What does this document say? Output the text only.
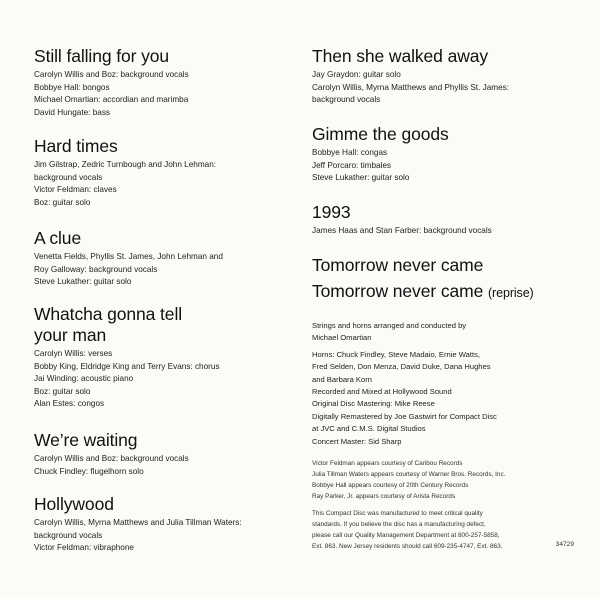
Still falling for you

Carolyn Willis and Boz: background vocals

Bobbye Hall: bongos

Michael Omartian: accordian and marimba

David Hungate: bass

Hard times

Jim Gilstrap, Zedric Turnbough and John Lehman:

background vocals

Victor Feldman: claves

Boz: guitar solo

A clue

Venetta Fields, Phyllis St. James, John Lehman and

Roy Galloway: background vocals

Steve Lukather: guitar solo

Whatcha gonna tell
your man

Carolyn Willis: verses

Bobby King, Eldridge King and Terry Evans: chorus

Jai Winding: acoustic piano

Boz: guitar solo

Alan Estes: congos

We’re waiting

Carolyn Willis and Boz: background vocals

Chuck Findley: flugelhorn solo

Hollywood

Carolyn Willis, Myrna Matthews and Julia Tillman Waters:

background vocals

Victor Feldman: vibraphone

Then she walked away

Jay Graydon: guitar solo

Carolyn Willis, Myrna Matthews and Phyllis St. James:

background vocals

Gimme the goods

Bobbye Hall: congas

Jeff Porcaro: timbales

Steve Lukather: guitar solo

1993

James Haas and Stan Farber: background vocals

Tomorrow never came
Tomorrow never came (reprise)

Strings and horns arranged and conducted by

Michael Omartian

Horns: Chuck Findley, Steve Madaio, Ernie Watts,

Fred Selden, Don Menza, David Duke, Dana Hughes

and Barbara Korn

Recorded and Mixed at Hollywood Sound

Original Disc Mastering: Mike Reese

Digitally Remastered by Joe Gastwirt for Compact Disc

at JVC and C.M.S. Digital Studios

Concert Master: Sid Sharp

Victor Feldman appears courtesy of Caribou Records

Julia Tillman Waters appears courtesy of Warner Bros. Records, Inc.

Bobbye Hall appears courtesy of 20th Century Records

Ray Parker, Jr. appears courtesy of Arista Records

This Compact Disc was manufactured to meet critical quality

standards. If you believe the disc has a manufacturing defect,

please call our Quality Management Department at 800-257-5858,

Ext. 863. New Jersey residents should call 609-235-4747, Ext. 863.	34729
